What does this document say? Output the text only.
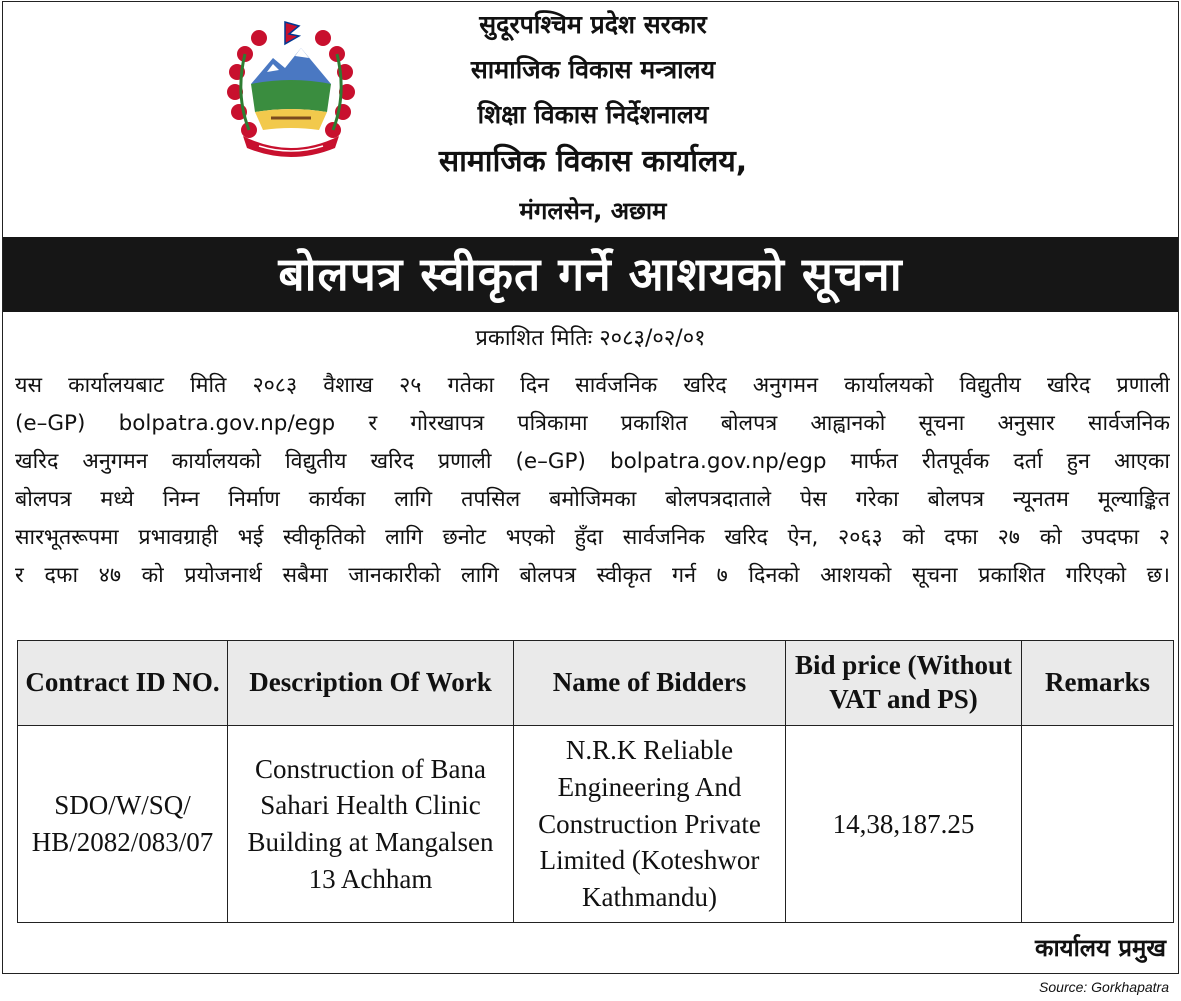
सुदूरपश्चिम प्रदेश सरकार
सामाजिक विकास मन्त्रालय
शिक्षा विकास निर्देशनालय
सामाजिक विकास कार्यालय,
मंगलसेन, अछाम
बोलपत्र स्वीकृत गर्ने आशयको सूचना
प्रकाशित मितिः २०८३/०२/०१

यस कार्यालयबाट मिति २०८३ वैशाख २५ गतेका दिन सार्वजनिक खरिद अनुगमन कार्यालयको विद्युतीय खरिद प्रणाली
(e–GP) bolpatra.gov.np/egp र गोरखापत्र पत्रिकामा प्रकाशित बोलपत्र आह्वानको सूचना अनुसार सार्वजनिक
खरिद अनुगमन कार्यालयको विद्युतीय खरिद प्रणाली (e–GP) bolpatra.gov.np/egp मार्फत रीतपूर्वक दर्ता हुन आएका
बोलपत्र मध्ये निम्न निर्माण कार्यका लागि तपसिल बमोजिमका बोलपत्रदाताले पेस गरेका बोलपत्र न्यूनतम मूल्याङ्कित
सारभूतरूपमा प्रभावग्राही भई स्वीकृतिको लागि छनोट भएको हुँदा सार्वजनिक खरिद ऐन, २०६३ को दफा २७ को उपदफा २
र दफा ४७ को प्रयोजनार्थ सबैमा जानकारीको लागि बोलपत्र स्वीकृत गर्न ७ दिनको आशयको सूचना प्रकाशित गरिएको छ।

Contract ID NO.	Description Of Work	Name of Bidders	Bid price (Without VAT and PS)	Remarks
SDO/W/SQ/ HB/2082/083/07	Construction of Bana Sahari Health Clinic Building at Mangalsen 13 Achham	N.R.K Reliable Engineering And Construction Private Limited (Koteshwor Kathmandu)	14,38,187.25	
कार्यालय प्रमुख
Source: Gorkhapatra
